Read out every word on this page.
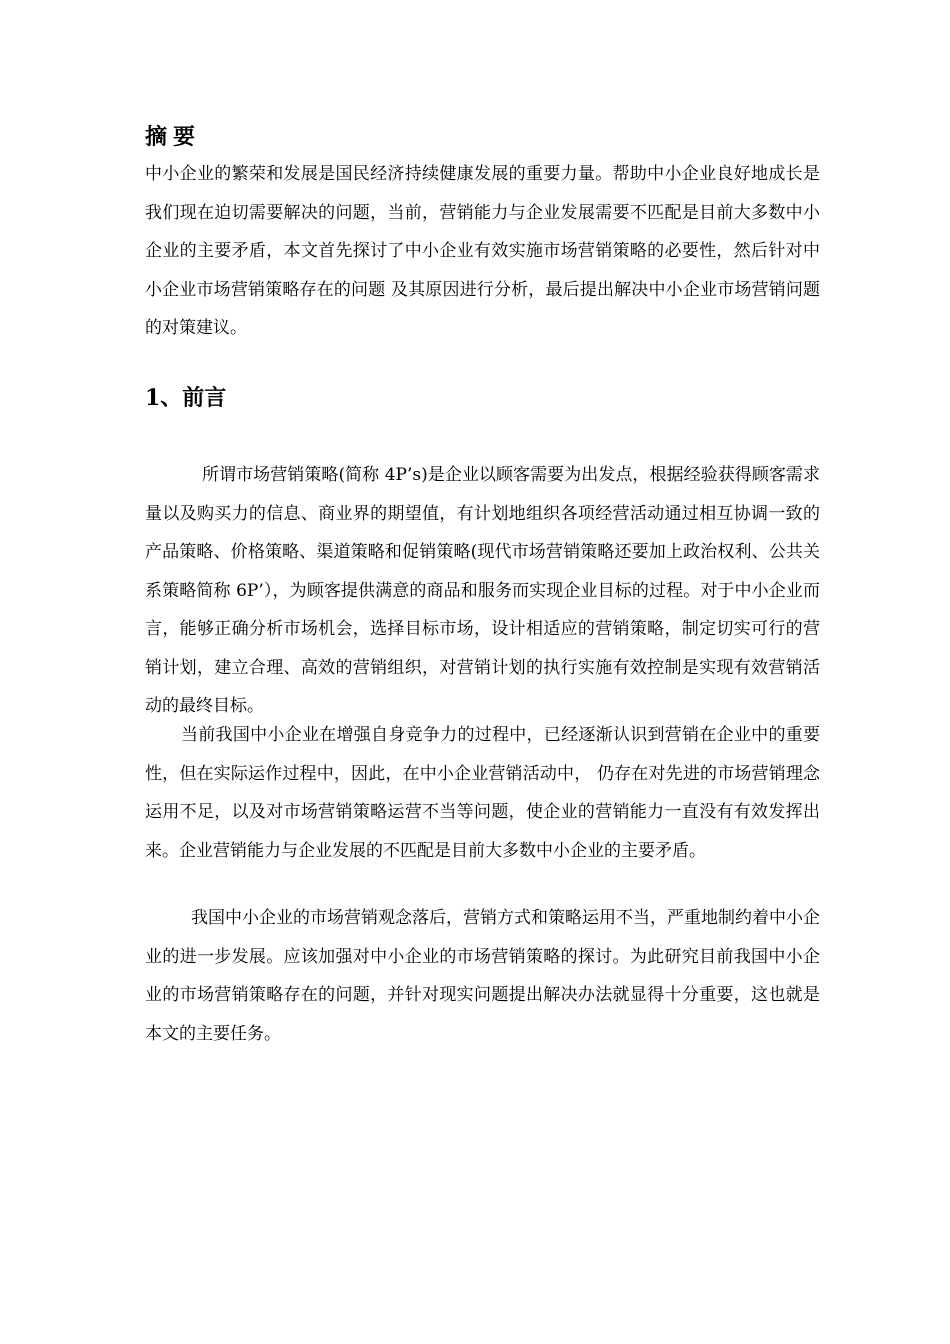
摘要

中小企业的繁荣和发展是国民经济持续健康发展的重要力量。帮助中小企业良好地成长是我们现在迫切需要解决的问题，当前，营销能力与企业发展需要不匹配是目前大多数中小企业的主要矛盾，本文首先探讨了中小企业有效实施市场营销策略的必要性，然后针对中小企业市场营销策略存在的问题 及其原因进行分析，最后提出解决中小企业市场营销问题的对策建议。

1、前言

所谓市场营销策略(简称 4P’s)是企业以顾客需要为出发点，根据经验获得顾客需求量以及购买力的信息、商业界的期望值，有计划地组织各项经营活动通过相互协调一致的产品策略、价格策略、渠道策略和促销策略(现代市场营销策略还要加上政治权利、公共关系策略简称 6P’），为顾客提供满意的商品和服务而实现企业目标的过程。对于中小企业而言，能够正确分析市场机会，选择目标市场，设计相适应的营销策略，制定切实可行的营销计划，建立合理、高效的营销组织，对营销计划的执行实施有效控制是实现有效营销活动的最终目标。

当前我国中小企业在增强自身竞争力的过程中，已经逐渐认识到营销在企业中的重要性，但在实际运作过程中，因此，在中小企业营销活动中， 仍存在对先进的市场营销理念运用不足，以及对市场营销策略运营不当等问题，使企业的营销能力一直没有有效发挥出来。企业营销能力与企业发展的不匹配是目前大多数中小企业的主要矛盾。

我国中小企业的市场营销观念落后，营销方式和策略运用不当，严重地制约着中小企业的进一步发展。应该加强对中小企业的市场营销策略的探讨。为此研究目前我国中小企业的市场营销策略存在的问题，并针对现实问题提出解决办法就显得十分重要，这也就是本文的主要任务。
